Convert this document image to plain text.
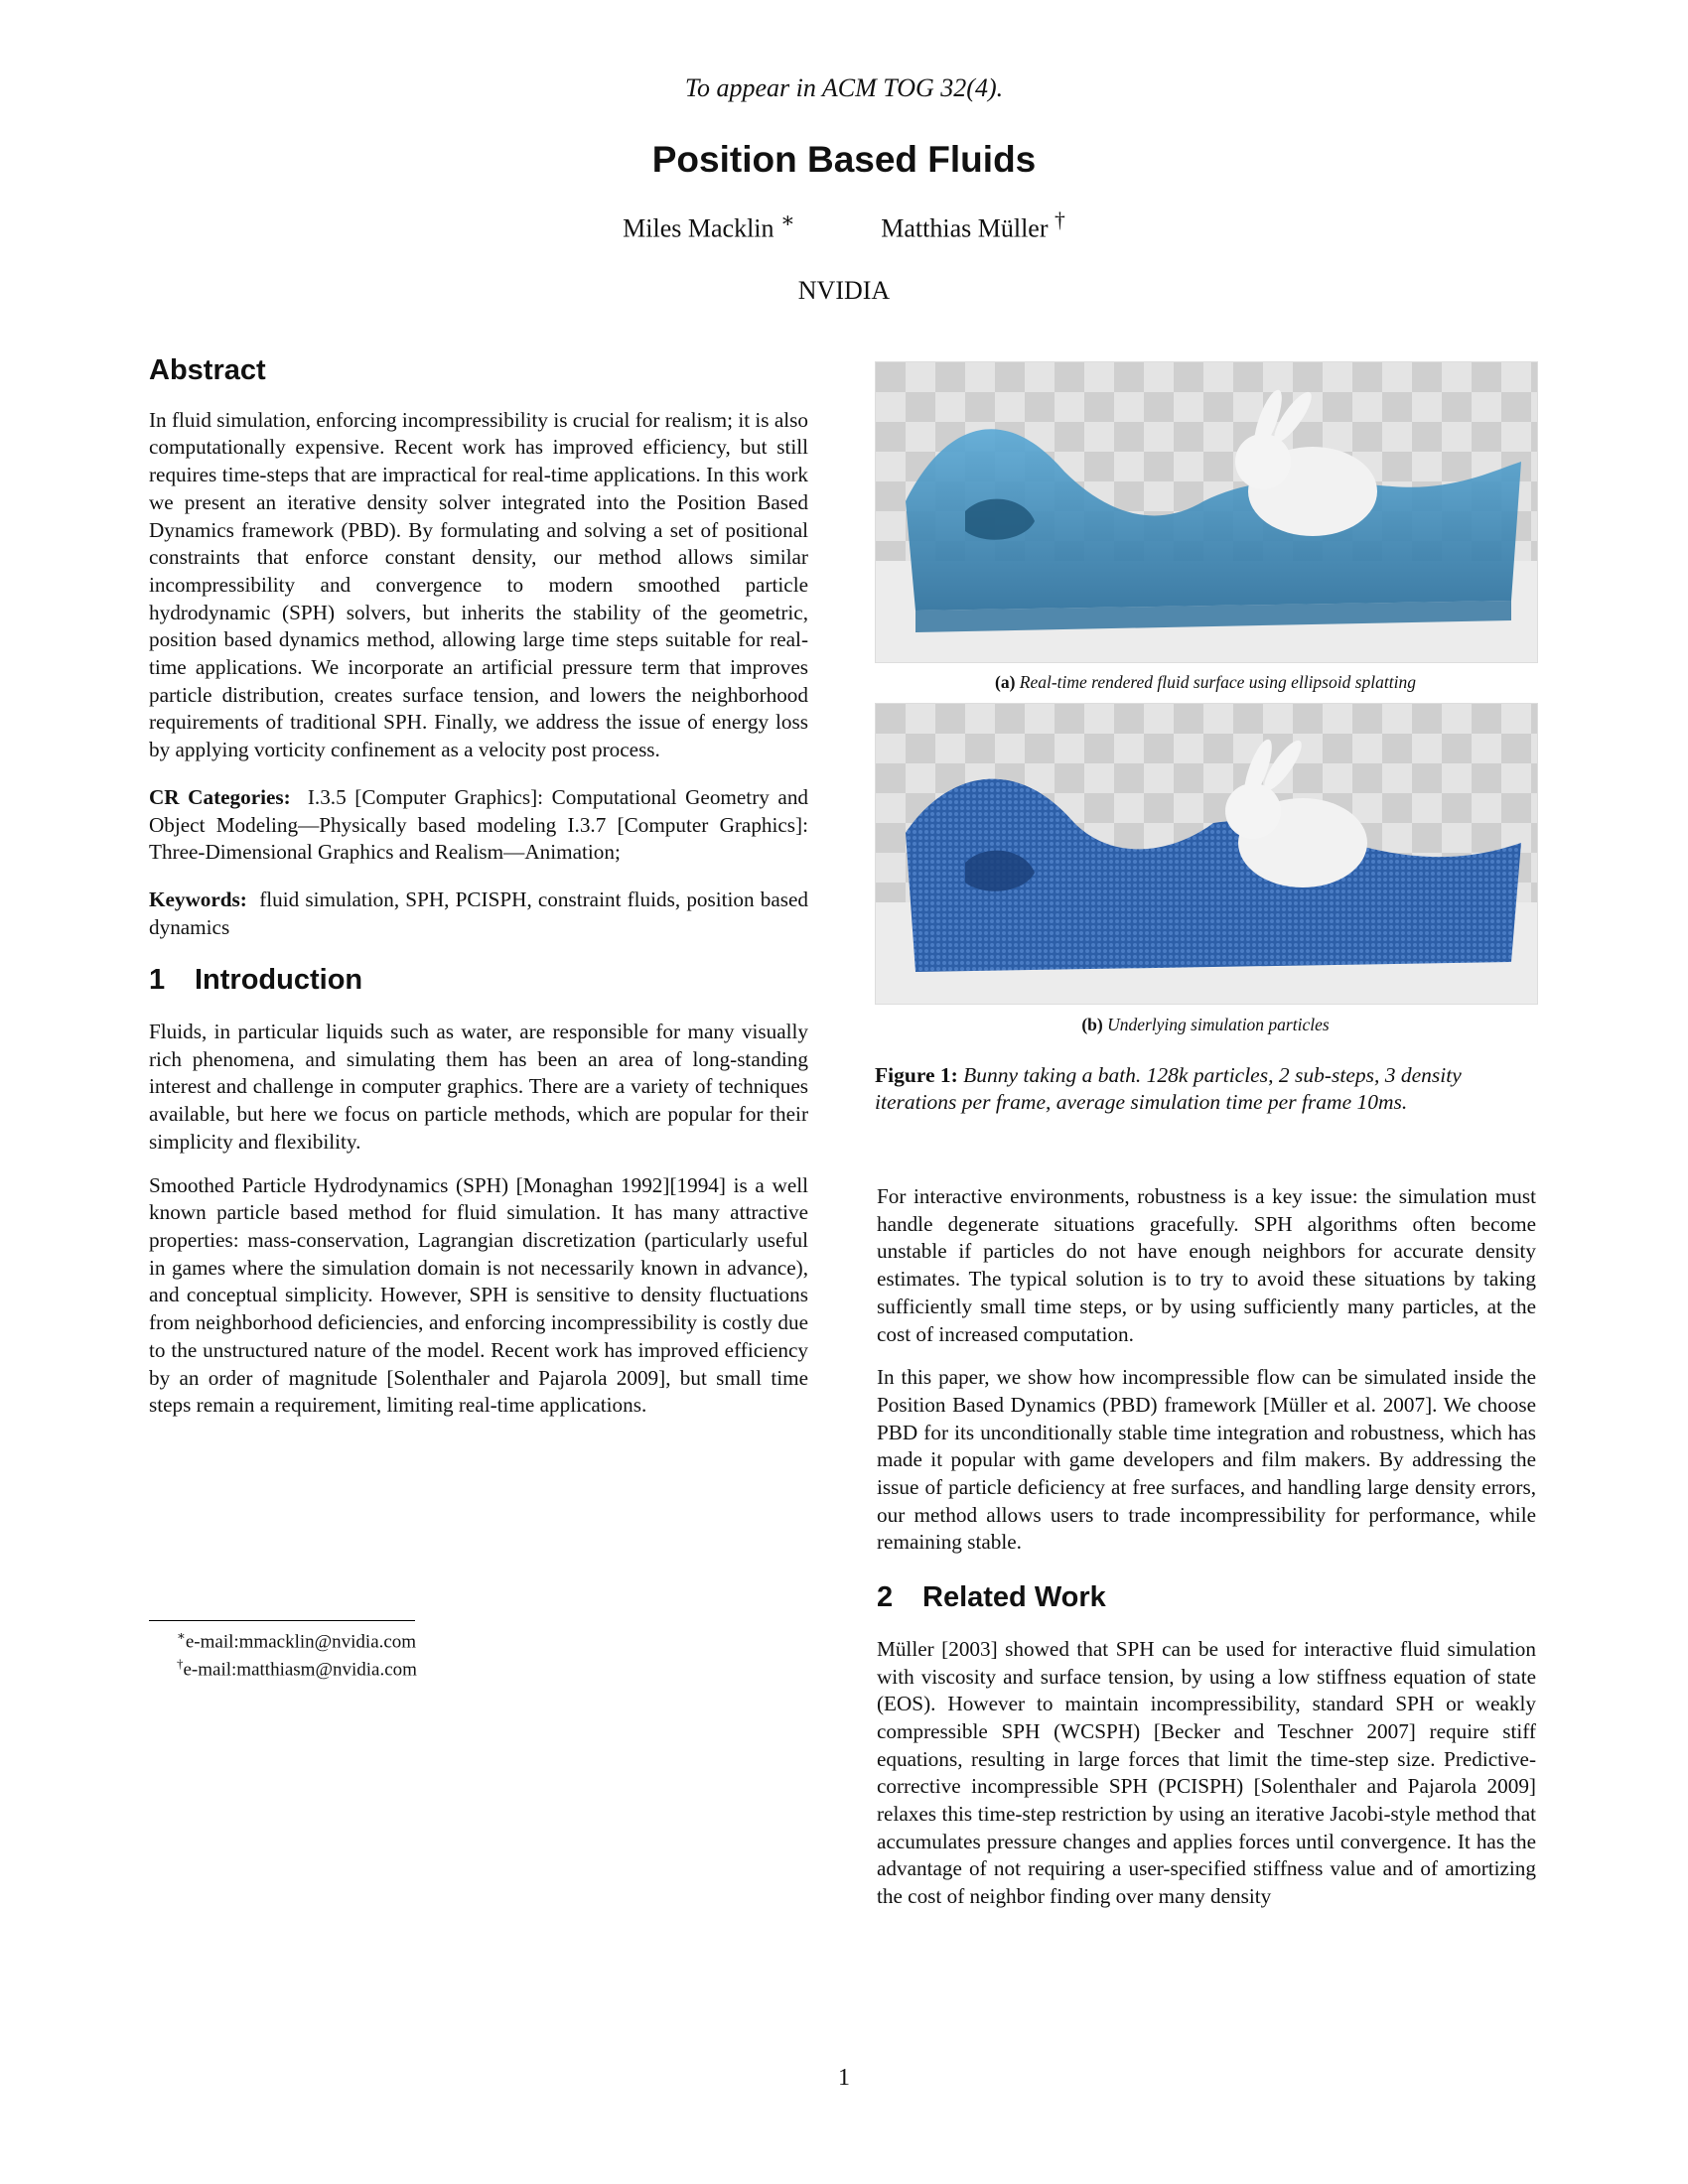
To appear in ACM TOG 32(4).
Position Based Fluids
Miles Macklin ∗	Matthias Müller †
NVIDIA
Abstract

In fluid simulation, enforcing incompressibility is crucial for realism; it is also computationally expensive. Recent work has improved efficiency, but still requires time-steps that are impractical for real-time applications. In this work we present an iterative density solver integrated into the Position Based Dynamics framework (PBD). By formulating and solving a set of positional constraints that enforce constant density, our method allows similar incompressibility and convergence to modern smoothed particle hydrodynamic (SPH) solvers, but inherits the stability of the geometric, position based dynamics method, allowing large time steps suitable for real-time applications. We incorporate an artificial pressure term that improves particle distribution, creates surface tension, and lowers the neighborhood requirements of traditional SPH. Finally, we address the issue of energy loss by applying vorticity confinement as a velocity post process.

CR Categories: I.3.5 [Computer Graphics]: Computational Geometry and Object Modeling—Physically based modeling I.3.7 [Computer Graphics]: Three-Dimensional Graphics and Realism—Animation;

Keywords: fluid simulation, SPH, PCISPH, constraint fluids, position based dynamics

1 Introduction

Fluids, in particular liquids such as water, are responsible for many visually rich phenomena, and simulating them has been an area of long-standing interest and challenge in computer graphics. There are a variety of techniques available, but here we focus on particle methods, which are popular for their simplicity and flexibility.

Smoothed Particle Hydrodynamics (SPH) [Monaghan 1992][1994] is a well known particle based method for fluid simulation. It has many attractive properties: mass-conservation, Lagrangian discretization (particularly useful in games where the simulation domain is not necessarily known in advance), and conceptual simplicity. However, SPH is sensitive to density fluctuations from neighborhood deficiencies, and enforcing incompressibility is costly due to the unstructured nature of the model. Recent work has improved efficiency by an order of magnitude [Solenthaler and Pajarola 2009], but small time steps remain a requirement, limiting real-time applications.

∗e-mail:mmacklin@nvidia.com
†e-mail:matthiasm@nvidia.com
(a) Real-time rendered fluid surface using ellipsoid splatting
(b) Underlying simulation particles
Figure 1: Bunny taking a bath. 128k particles, 2 sub-steps, 3 density iterations per frame, average simulation time per frame 10ms.

For interactive environments, robustness is a key issue: the simulation must handle degenerate situations gracefully. SPH algorithms often become unstable if particles do not have enough neighbors for accurate density estimates. The typical solution is to try to avoid these situations by taking sufficiently small time steps, or by using sufficiently many particles, at the cost of increased computation.

In this paper, we show how incompressible flow can be simulated inside the Position Based Dynamics (PBD) framework [Müller et al. 2007]. We choose PBD for its unconditionally stable time integration and robustness, which has made it popular with game developers and film makers. By addressing the issue of particle deficiency at free surfaces, and handling large density errors, our method allows users to trade incompressibility for performance, while remaining stable.

2 Related Work

Müller [2003] showed that SPH can be used for interactive fluid simulation with viscosity and surface tension, by using a low stiffness equation of state (EOS). However to maintain incompressibility, standard SPH or weakly compressible SPH (WCSPH) [Becker and Teschner 2007] require stiff equations, resulting in large forces that limit the time-step size. Predictive-corrective incompressible SPH (PCISPH) [Solenthaler and Pajarola 2009] relaxes this time-step restriction by using an iterative Jacobi-style method that accumulates pressure changes and applies forces until convergence. It has the advantage of not requiring a user-specified stiffness value and of amortizing the cost of neighbor finding over many density

1
